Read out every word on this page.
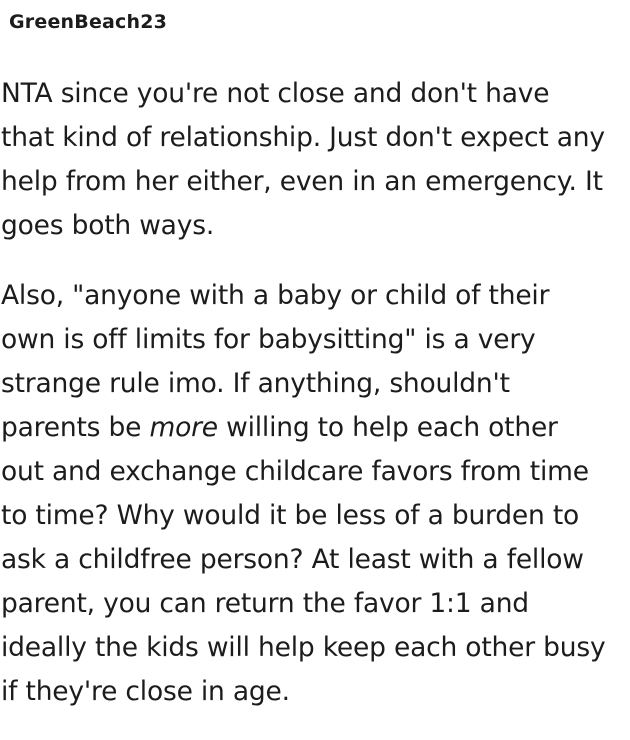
GreenBeach23

NTA since you're not close and don't have
that kind of relationship. Just don't expect any
help from her either, even in an emergency. It
goes both ways.

Also, "anyone with a baby or child of their
own is off limits for babysitting" is a very
strange rule imo. If anything, shouldn't
parents be more willing to help each other
out and exchange childcare favors from time
to time? Why would it be less of a burden to
ask a childfree person? At least with a fellow
parent, you can return the favor 1:1 and
ideally the kids will help keep each other busy
if they're close in age.
